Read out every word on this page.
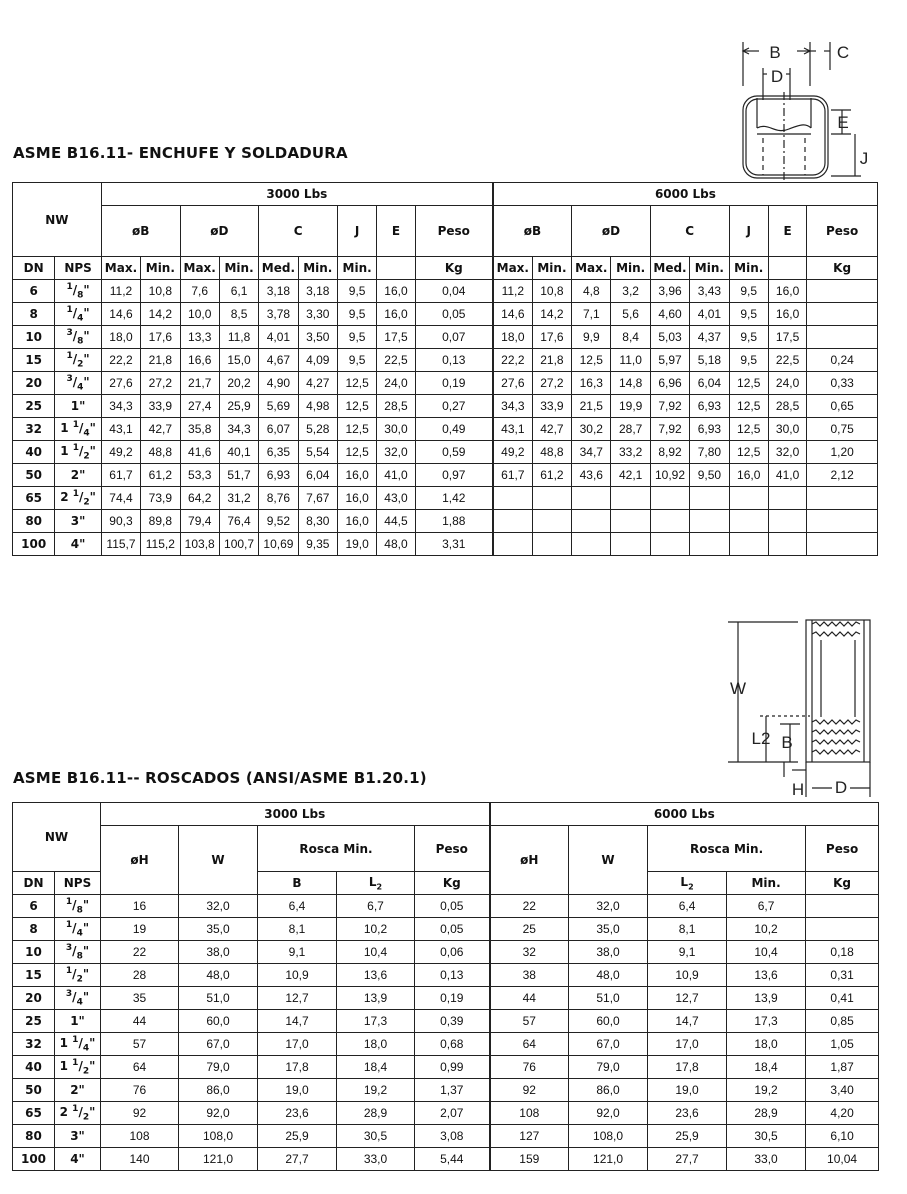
ASME B16.11- ENCHUFE Y SOLDADURA
NW		3000 Lbs									6000 Lbs								
		øB		øD		C		J	E	Peso	øB		øD		C		J	E	Peso
DN	NPS	Max.	Min.	Max.	Min.	Med.	Min.	Min.		Kg	Max.	Min.	Max.	Min.	Med.	Min.	Min.		Kg
6	$^1/_8$"	11,2	10,8	7,6	6,1	3,18	3,18	9,5	16,0	0,04	11,2	10,8	4,8	3,2	3,96	3,43	9,5	16,0	
8	$^1/_4$"	14,6	14,2	10,0	8,5	3,78	3,30	9,5	16,0	0,05	14,6	14,2	7,1	5,6	4,60	4,01	9,5	16,0	
10	$^3/_8$"	18,0	17,6	13,3	11,8	4,01	3,50	9,5	17,5	0,07	18,0	17,6	9,9	8,4	5,03	4,37	9,5	17,5	
15	$^1/_2$"	22,2	21,8	16,6	15,0	4,67	4,09	9,5	22,5	0,13	22,2	21,8	12,5	11,0	5,97	5,18	9,5	22,5	0,24
20	$^3/_4$"	27,6	27,2	21,7	20,2	4,90	4,27	12,5	24,0	0,19	27,6	27,2	16,3	14,8	6,96	6,04	12,5	24,0	0,33
25	1"	34,3	33,9	27,4	25,9	5,69	4,98	12,5	28,5	0,27	34,3	33,9	21,5	19,9	7,92	6,93	12,5	28,5	0,65
32	1 $^1/_4$"	43,1	42,7	35,8	34,3	6,07	5,28	12,5	30,0	0,49	43,1	42,7	30,2	28,7	7,92	6,93	12,5	30,0	0,75
40	1 $^1/_2$"	49,2	48,8	41,6	40,1	6,35	5,54	12,5	32,0	0,59	49,2	48,8	34,7	33,2	8,92	7,80	12,5	32,0	1,20
50	2"	61,7	61,2	53,3	51,7	6,93	6,04	16,0	41,0	0,97	61,7	61,2	43,6	42,1	10,92	9,50	16,0	41,0	2,12
65	2 $^1/_2$"	74,4	73,9	64,2	31,2	8,76	7,67	16,0	43,0	1,42									
80	3"	90,3	89,8	79,4	76,4	9,52	8,30	16,0	44,5	1,88									
100	4"	115,7	115,2	103,8	100,7	10,69	9,35	19,0	48,0	3,31									
ASME B16.11-- ROSCADOS (ANSI/ASME B1.20.1)
NW		3000 Lbs					6000 Lbs				
		øH	W	Rosca Min.		Peso	øH	W	Rosca Min.		Peso
DN	NPS			B	$L_2$	Kg			$L_2$	Min.	Kg
6	$^1/_8$"	16	32,0	6,4	6,7	0,05	22	32,0	6,4	6,7	
8	$^1/_4$"	19	35,0	8,1	10,2	0,05	25	35,0	8,1	10,2	
10	$^3/_8$"	22	38,0	9,1	10,4	0,06	32	38,0	9,1	10,4	0,18
15	$^1/_2$"	28	48,0	10,9	13,6	0,13	38	48,0	10,9	13,6	0,31
20	$^3/_4$"	35	51,0	12,7	13,9	0,19	44	51,0	12,7	13,9	0,41
25	1"	44	60,0	14,7	17,3	0,39	57	60,0	14,7	17,3	0,85
32	1 $^1/_4$"	57	67,0	17,0	18,0	0,68	64	67,0	17,0	18,0	1,05
40	1 $^1/_2$"	64	79,0	17,8	18,4	0,99	76	79,0	17,8	18,4	1,87
50	2"	76	86,0	19,0	19,2	1,37	92	86,0	19,0	19,2	3,40
65	2 $^1/_2$"	92	92,0	23,6	28,9	2,07	108	92,0	23,6	28,9	4,20
80	3"	108	108,0	25,9	30,5	3,08	127	108,0	25,9	30,5	6,10
100	4"	140	121,0	27,7	33,0	5,44	159	121,0	27,7	33,0	10,04
B	C
D
E
J
W
L2 B
H D
